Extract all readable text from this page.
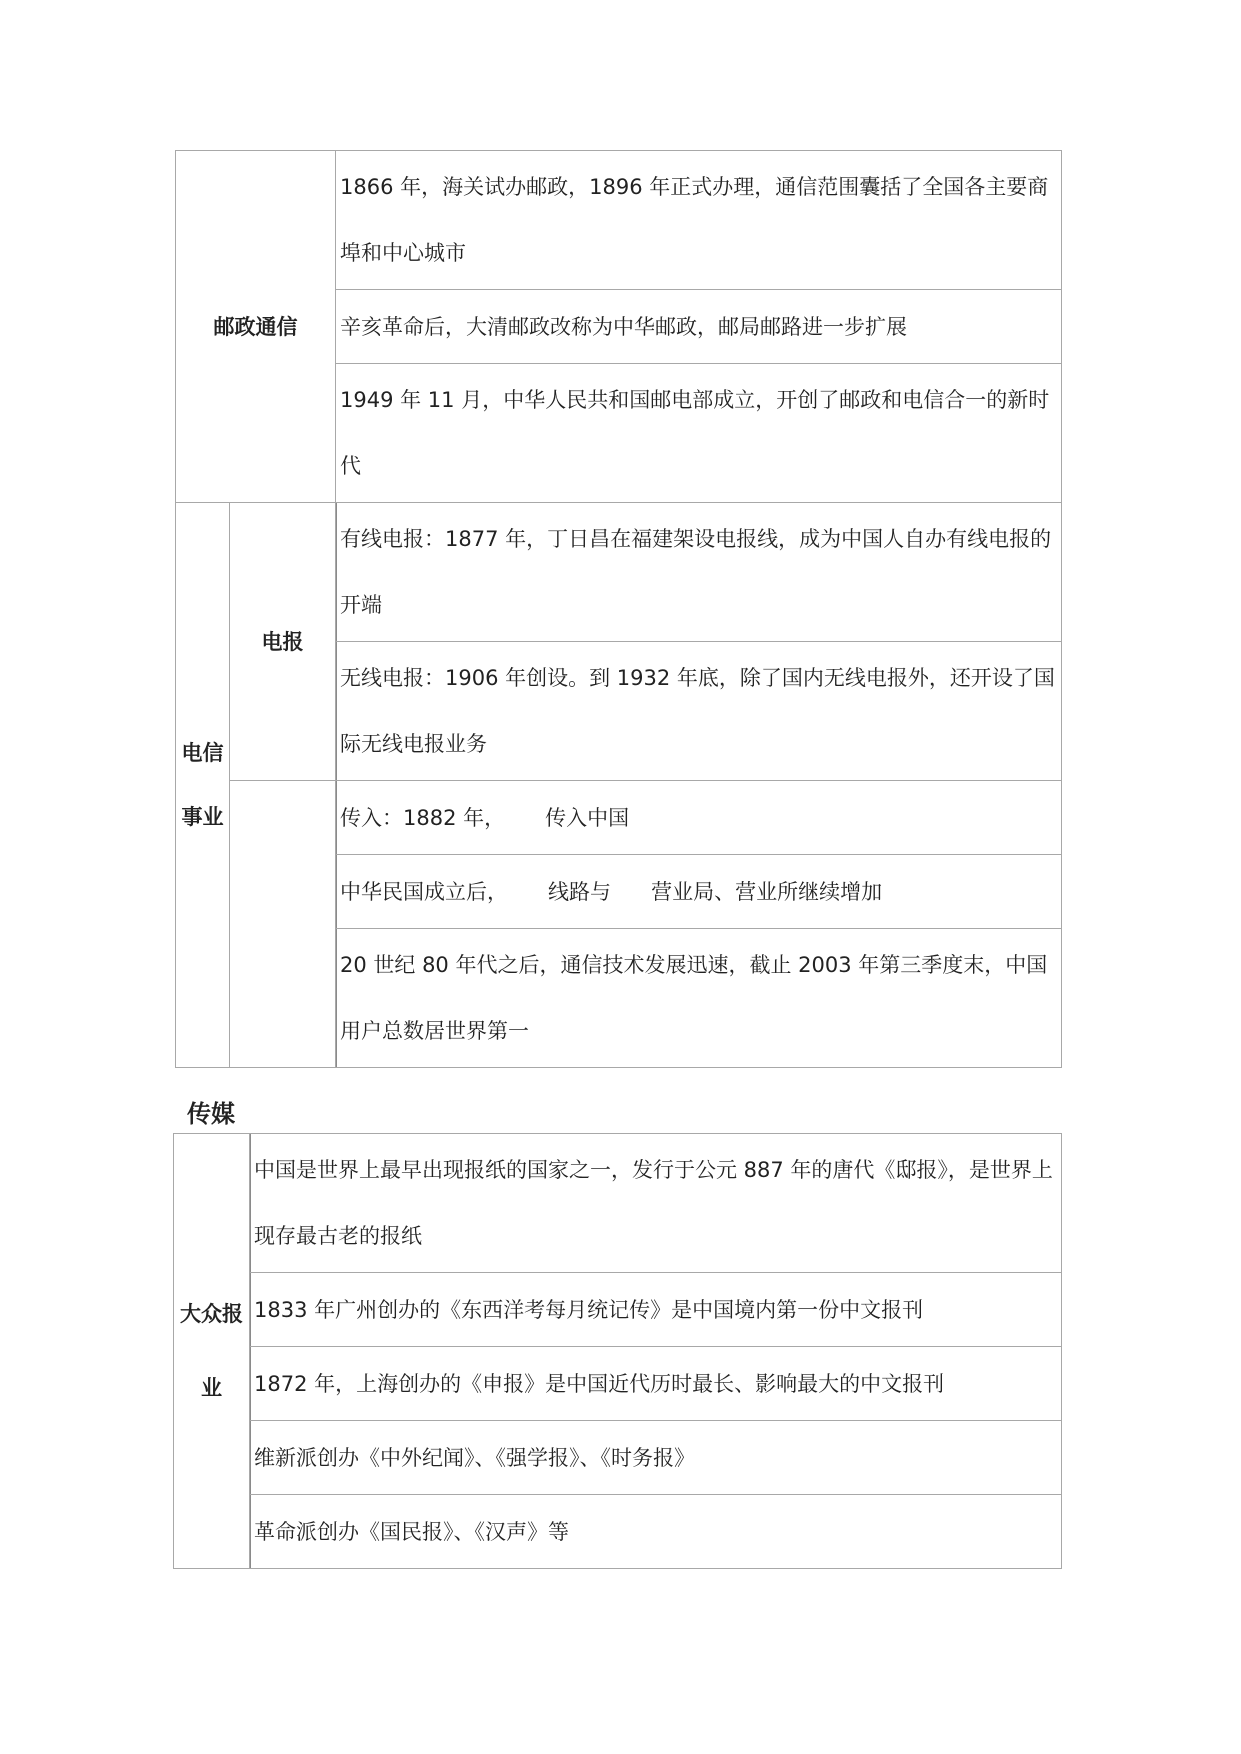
邮政通信	1866 年，海关试办邮政，1896 年正式办理，通信范围囊括了全国各主要商埠和中心城市
辛亥革命后，大清邮政改称为中华邮政，邮局邮路进一步扩展
1949 年 11 月，中华人民共和国邮电部成立，开创了邮政和电信合一的新时代
电信事业	电报	有线电报：1877 年，丁日昌在福建架设电报线，成为中国人自办有线电报的开端
		无线电报：1906 年创设。到 1932 年底，除了国内无线电报外，还开设了国际无线电报业务
		传入：1882 年，      传入中国
		中华民国成立后，      线路与      营业局、营业所继续增加
		20 世纪 80 年代之后，通信技术发展迅速，截止 2003 年第三季度末，中国   用户总数居世界第一
传媒
大众报业	中国是世界上最早出现报纸的国家之一，发行于公元 887 年的唐代《邸报》，是世界上现存最古老的报纸
1833 年广州创办的《东西洋考每月统记传》是中国境内第一份中文报刊
1872 年，上海创办的《申报》是中国近代历时最长、影响最大的中文报刊
维新派创办《中外纪闻》、《强学报》、《时务报》
革命派创办《国民报》、《汉声》等
